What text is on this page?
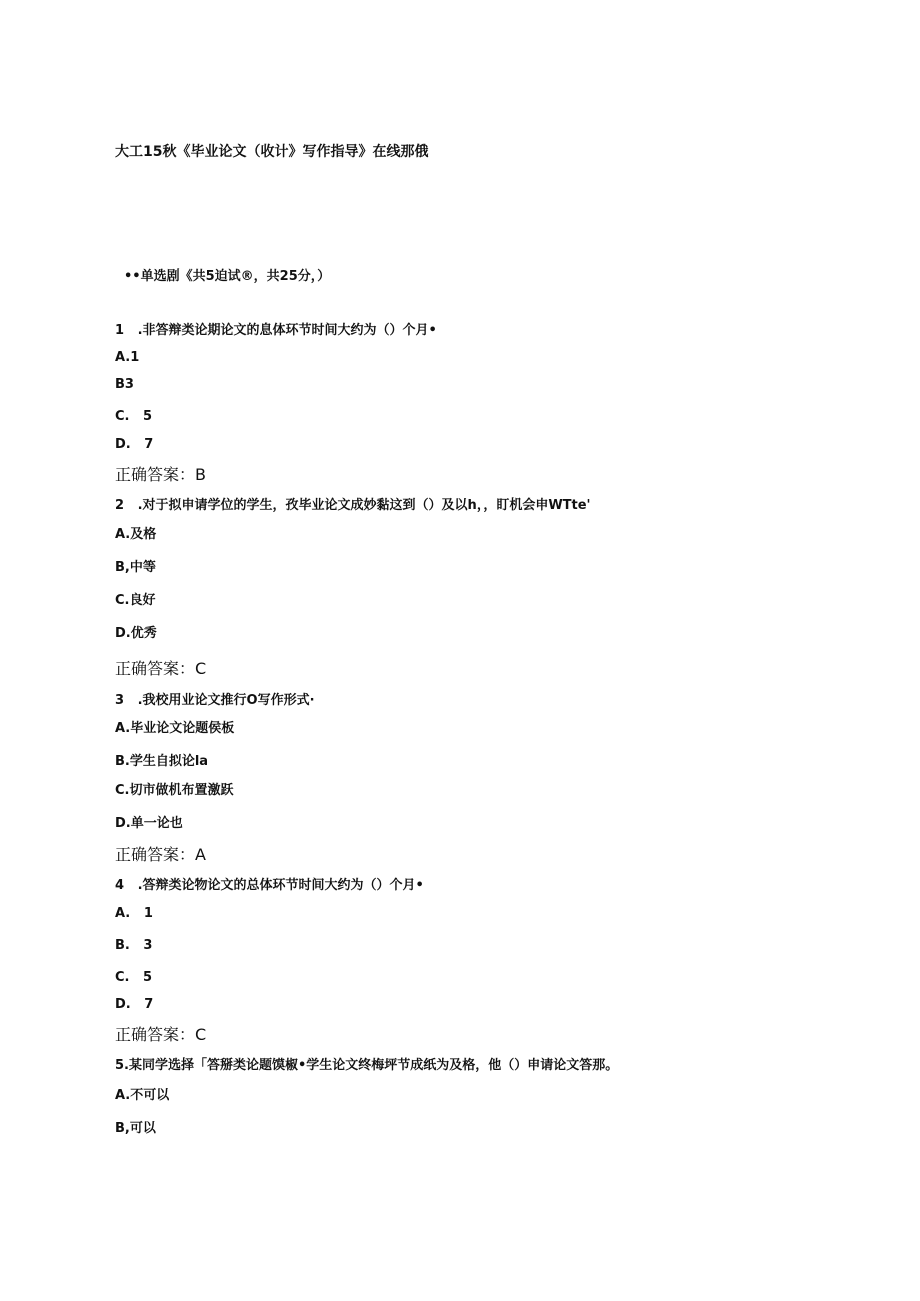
大工15秋《毕业论文（收计》写作指导》在线那俄
••单选剧《共5迫试®，共25分，）
1   .非答辩类论期论文的息体环节时间大约为（）个月•
A.1
B3
C.   5
D.   7
正确答案：B
2   .对于拟申请学位的学生，孜毕业论文成妙黏这到（）及以h，，盯机会申WTte'
A.及格
B,中等
C.良好
D.优秀
正确答案：C
3   .我校用业论文推行O写作形式·
A.毕业论文论题侯板
B.学生自拟论la
C.切市做机布置激跃
D.单一论也
正确答案：A
4   .答辩类论物论文的总体环节时间大约为（）个月•
A.   1
B.   3
C.   5
D.   7
正确答案：C
5.某同学选择「答掰类论题馍椒•学生论文终梅坪节成纸为及格，他（）申请论文答那。
A.不可以
B,可以
